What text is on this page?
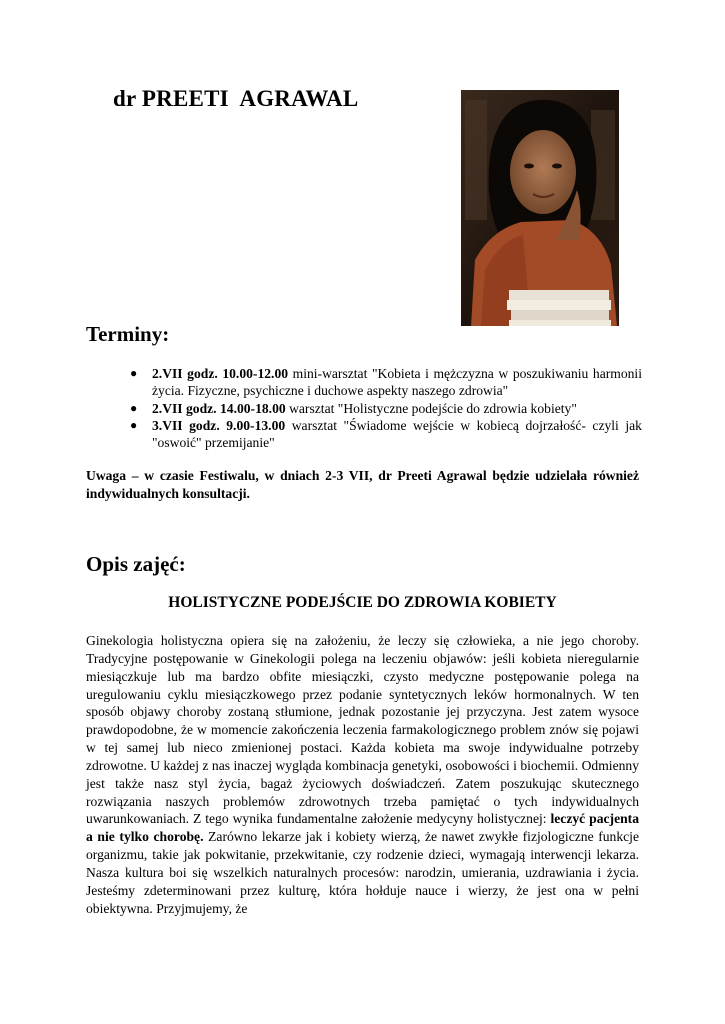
dr PREETI  AGRAWAL
Terminy:
● 2.VII godz. 10.00-12.00 mini-warsztat "Kobieta i mężczyzna w poszukiwaniu harmonii życia. Fizyczne, psychiczne i duchowe aspekty naszego zdrowia"
● 2.VII godz. 14.00-18.00 warsztat "Holistyczne podejście do zdrowia kobiety"
● 3.VII godz. 9.00-13.00 warsztat "Świadome wejście w kobiecą dojrzałość- czyli jak "oswoić" przemijanie"
Uwaga – w czasie Festiwalu, w dniach 2-3 VII, dr Preeti Agrawal będzie udzielała również indywidualnych konsultacji.
Opis zajęć:
HOLISTYCZNE PODEJŚCIE DO ZDROWIA KOBIETY

Ginekologia holistyczna opiera się na założeniu, że leczy się człowieka, a nie jego choroby. Tradycyjne postępowanie w Ginekologii polega na leczeniu objawów: jeśli kobieta nieregularnie miesiączkuje lub ma bardzo obfite miesiączki, czysto medyczne postępowanie polega na uregulowaniu cyklu miesiączkowego przez podanie syntetycznych leków hormonalnych. W ten sposób objawy choroby zostaną stłumione, jednak pozostanie jej przyczyna. Jest zatem wysoce prawdopodobne, że w momencie zakończenia leczenia farmakologicznego problem znów się pojawi w tej samej lub nieco zmienionej postaci. Każda kobieta ma swoje indywidualne potrzeby zdrowotne. U każdej z nas inaczej wygląda kombinacja genetyki, osobowości i biochemii. Odmienny jest także nasz styl życia, bagaż życiowych doświadczeń. Zatem poszukując skutecznego rozwiązania naszych problemów zdrowotnych trzeba pamiętać o tych indywidualnych uwarunkowaniach. Z tego wynika fundamentalne założenie medycyny holistycznej: leczyć pacjenta a nie tylko chorobę. Zarówno lekarze jak i kobiety wierzą, że nawet zwykłe fizjologiczne funkcje organizmu, takie jak pokwitanie, przekwitanie, czy rodzenie dzieci, wymagają interwencji lekarza. Nasza kultura boi się wszelkich naturalnych procesów: narodzin, umierania, uzdrawiania i życia. Jesteśmy zdeterminowani przez kulturę, która hołduje nauce i wierzy, że jest ona w pełni obiektywna. Przyjmujemy, że
